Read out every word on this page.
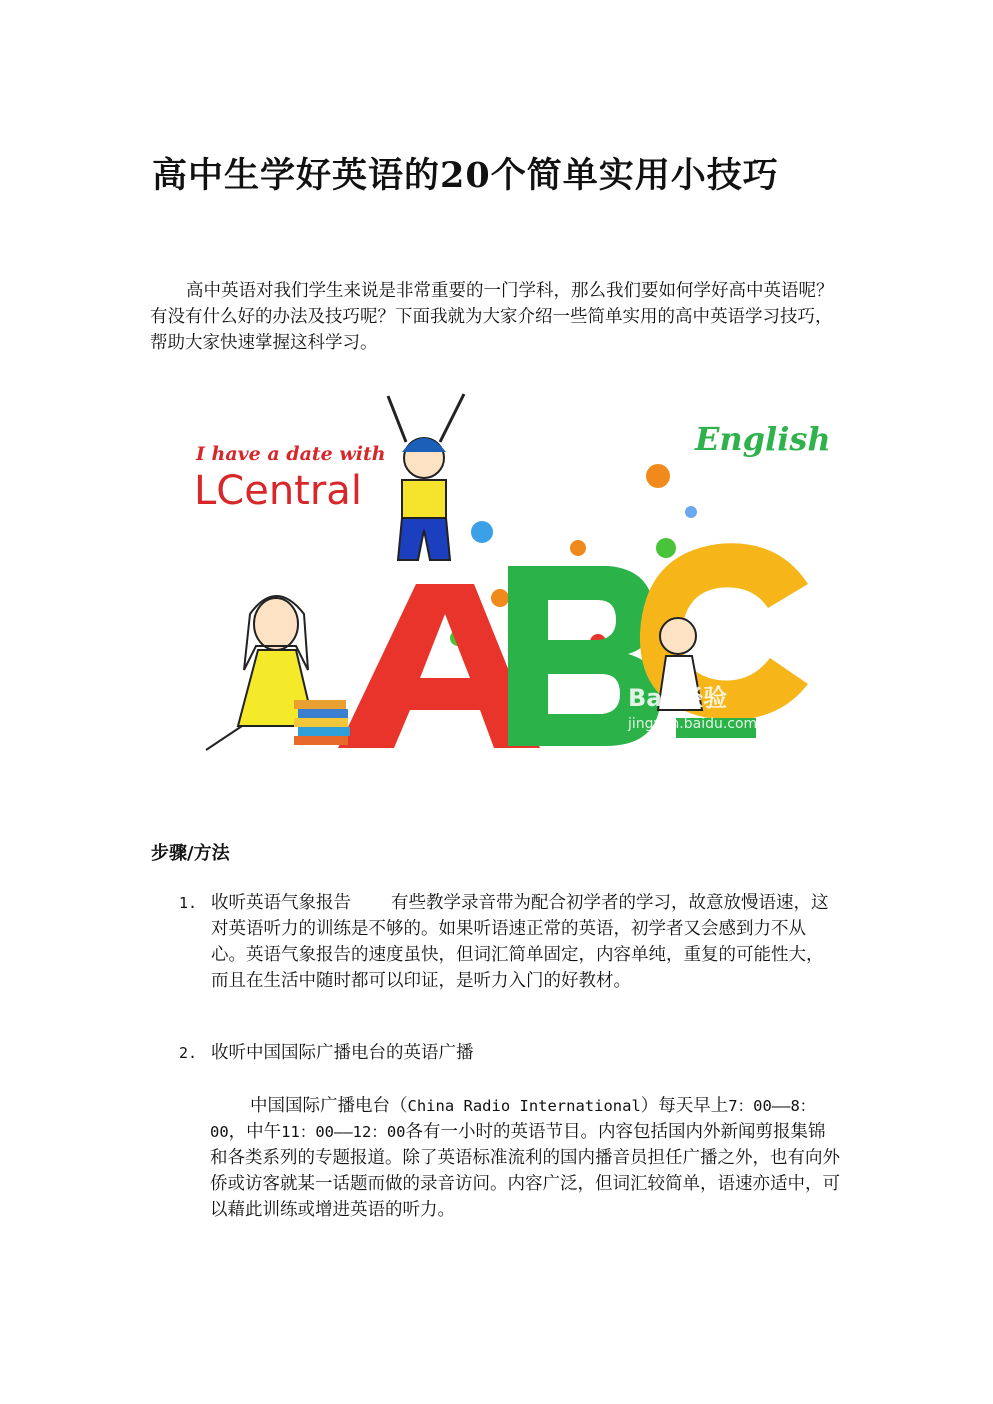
高中生学好英语的20个简单实用小技巧

高中英语对我们学生来说是非常重要的一门学科，那么我们要如何学好高中英语呢？有没有什么好的办法及技巧呢？下面我就为大家介绍一些简单实用的高中英语学习技巧，帮助大家快速掌握这科学习。

I have a date with
LCentral
English
Bai 经验
jingyan.baidu.com
步骤/方法
1. 收听英语气象报告 有些教学录音带为配合初学者的学习，故意放慢语速，这对英语听力的训练是不够的。如果听语速正常的英语，初学者又会感到力不从心。英语气象报告的速度虽快，但词汇简单固定，内容单纯，重复的可能性大，而且在生活中随时都可以印证，是听力入门的好教材。
2. 收听中国国际广播电台的英语广播

中国国际广播电台（China Radio International）每天早上7：00——8：00，中午11：00——12：00各有一小时的英语节目。内容包括国内外新闻剪报集锦和各类系列的专题报道。除了英语标准流利的国内播音员担任广播之外，也有向外侨或访客就某一话题而做的录音访问。内容广泛，但词汇较简单，语速亦适中，可以藉此训练或增进英语的听力。
